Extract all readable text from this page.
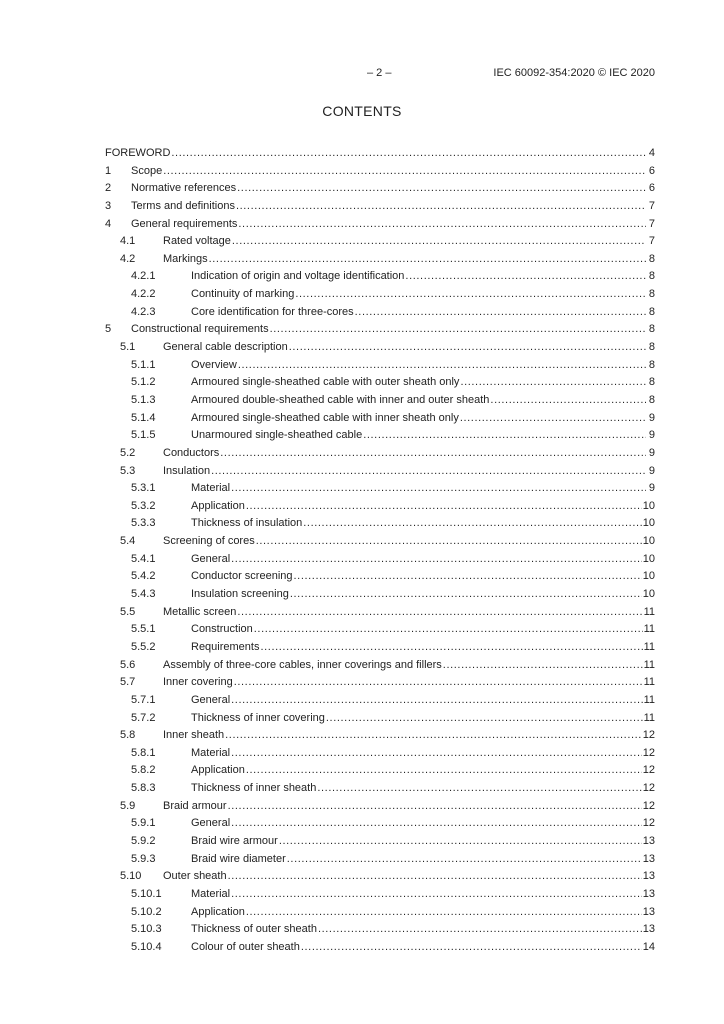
– 2 –	IEC 60092-354:2020 © IEC 2020
CONTENTS
FOREWORD .....	4
1	Scope .....	6
2	Normative references .....	6
3	Terms and definitions .....	7
4	General requirements .....	7
4.1	Rated voltage .....	7
4.2	Markings .....	8
4.2.1	Indication of origin and voltage identification .....	8
4.2.2	Continuity of marking .....	8
4.2.3	Core identification for three-cores .....	8
5	Constructional requirements .....	8
5.1	General cable description .....	8
5.1.1	Overview .....	8
5.1.2	Armoured single-sheathed cable with outer sheath only .....	8
5.1.3	Armoured double-sheathed cable with inner and outer sheath .....	8
5.1.4	Armoured single-sheathed cable with inner sheath only .....	9
5.1.5	Unarmoured single-sheathed cable .....	9
5.2	Conductors .....	9
5.3	Insulation .....	9
5.3.1	Material .....	9
5.3.2	Application .....	10
5.3.3	Thickness of insulation .....	10
5.4	Screening of cores .....	10
5.4.1	General .....	10
5.4.2	Conductor screening .....	10
5.4.3	Insulation screening .....	10
5.5	Metallic screen .....	11
5.5.1	Construction .....	11
5.5.2	Requirements .....	11
5.6	Assembly of three-core cables, inner coverings and fillers .....	11
5.7	Inner covering .....	11
5.7.1	General .....	11
5.7.2	Thickness of inner covering .....	11
5.8	Inner sheath .....	12
5.8.1	Material .....	12
5.8.2	Application .....	12
5.8.3	Thickness of inner sheath .....	12
5.9	Braid armour .....	12
5.9.1	General .....	12
5.9.2	Braid wire armour .....	13
5.9.3	Braid wire diameter .....	13
5.10	Outer sheath .....	13
5.10.1	Material .....	13
5.10.2	Application .....	13
5.10.3	Thickness of outer sheath .....	13
5.10.4	Colour of outer sheath .....	14
